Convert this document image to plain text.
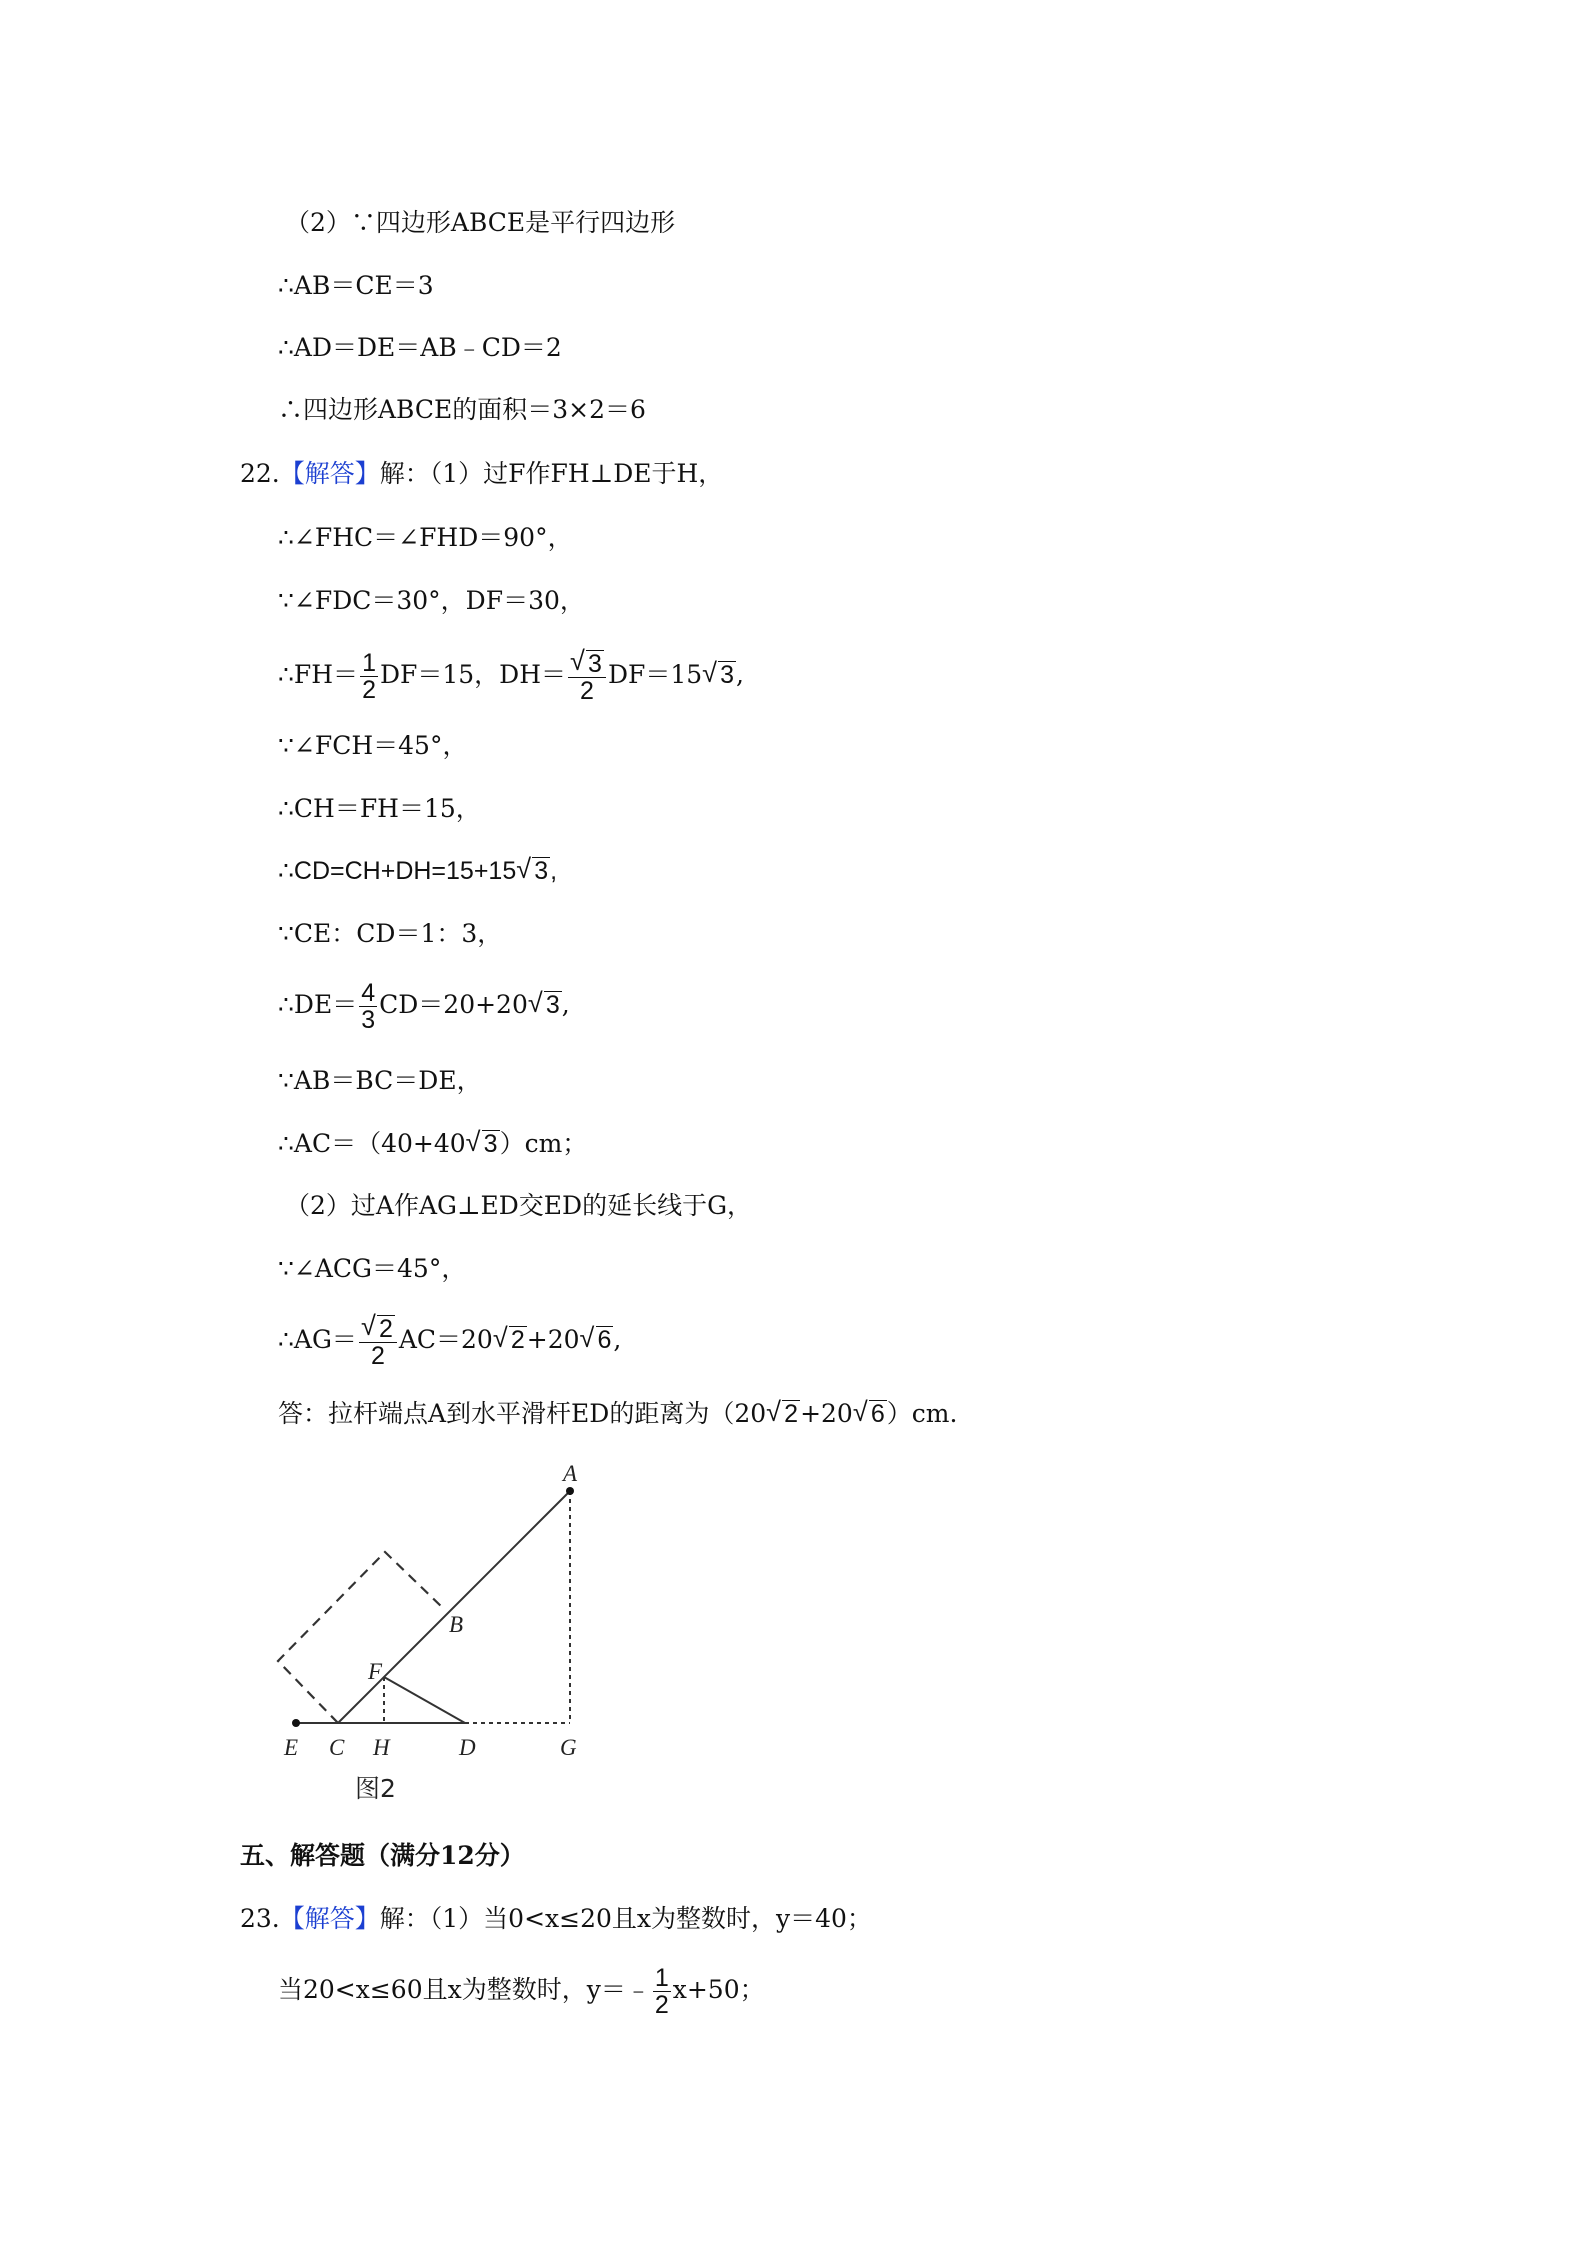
（2）∵四边形ABCE是平行四边形
∴AB＝CE＝3
∴AD＝DE＝AB﹣CD＝2
∴四边形ABCE的面积＝3×2＝6
22.【解答】解：（1）过F作FH⊥DE于H，
∴∠FHC＝∠FHD＝90°，
∵∠FDC＝30°，DF＝30，
∴FH＝ $\frac{1}{2} DF=15$，DH＝
√ $\frac{3}{2} DF=15√$ 3,
∵∠FCH＝45°，
∴CH＝FH＝15，
∴CD=CH+DH=15+15√ 3,
∵CE：CD＝1：3，
∴DE＝ $\frac{4}{3} CD=20+20√$ 3,
∵AB＝BC＝DE，
∴AC＝（40+40√ 3）cm；
（2）过A作AG⊥ED交ED的延长线于G，
∵∠ACG＝45°，
∴AG＝
√ $\frac{2}{2} AC=20√$ 2+20√ 6,
答：拉杆端点A到水平滑杆ED的距离为（20√ 2+20√ 6）cm.
A
B
F
E C H	D	G
图2
五、解答题（满分12分）
23.【解答】解：（1）当0<x≤20且x为整数时，y＝40；
当20<x≤60且x为整数时，y＝﹣ $\frac{1}{2} x+50$；
